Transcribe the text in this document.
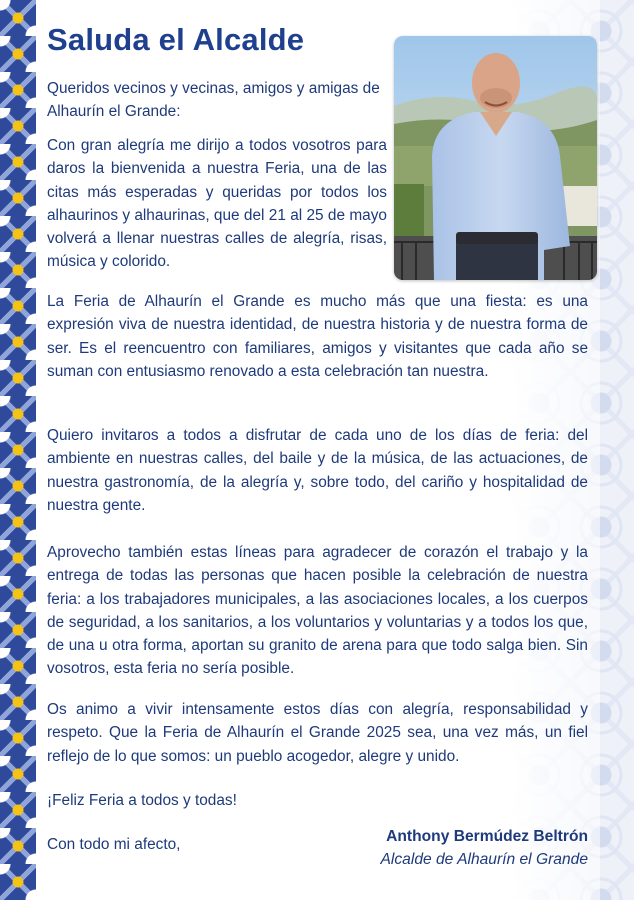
Saluda el Alcalde

Queridos vecinos y vecinas, amigos y amigas de Alhaurín el Grande:

Con gran alegría me dirijo a todos vosotros para daros la bienvenida a nuestra Feria, una de las citas más esperadas y queridas por todos los alhaurinos y alhaurinas, que del 21 al 25 de mayo volverá a llenar nuestras calles de alegría, risas, música y colorido.

La Feria de Alhaurín el Grande es mucho más que una fiesta: es una expresión viva de nuestra identidad, de nuestra historia y de nuestra forma de ser. Es el reencuentro con familiares, amigos y visitantes que cada año se suman con entusiasmo renovado a esta celebración tan nuestra.

Quiero invitaros a todos a disfrutar de cada uno de los días de feria: del ambiente en nuestras calles, del baile y de la música, de las actuaciones, de nuestra gastronomía, de la alegría y, sobre todo, del cariño y hospitalidad de nuestra gente.

Aprovecho también estas líneas para agradecer de corazón el trabajo y la entrega de todas las personas que hacen posible la celebración de nuestra feria: a los trabajadores municipales, a las asociaciones locales, a los cuerpos de seguridad, a los sanitarios, a los voluntarios y voluntarias y a todos los que, de una u otra forma, aportan su granito de arena para que todo salga bien. Sin vosotros, esta feria no sería posible.

Os animo a vivir intensamente estos días con alegría, responsabilidad y respeto. Que la Feria de Alhaurín el Grande 2025 sea, una vez más, un fiel reflejo de lo que somos: un pueblo acogedor, alegre y unido.

¡Feliz Feria a todos y todas!

Con todo mi afecto,	Anthony Bermúdez Beltrón

Alcalde de Alhaurín el Grande
